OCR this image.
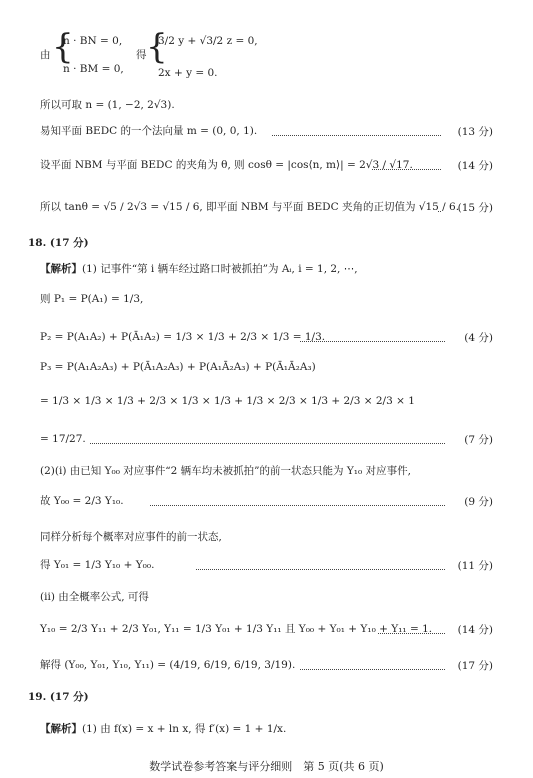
由 {
n · BN = 0,
n · BM = 0,
得 {
3/2 y + √3/2 z = 0,
2x + y = 0.
所以可取 n = (1, −2, 2√3).
易知平面 BEDC 的一个法向量 m = (0, 0, 1).	(13 分)
设平面 NBM 与平面 BEDC 的夹角为 θ, 则 cosθ = |cos⟨n, m⟩| = 2√3 / √17.	(14 分)
所以 tanθ = √5 / 2√3 = √15 / 6, 即平面 NBM 与平面 BEDC 夹角的正切值为 √15 / 6.
(15 分)
18. (17 分)
【解析】(1) 记事件“第 i 辆车经过路口时被抓拍”为 Aᵢ, i = 1, 2, ⋯,
则 P₁ = P(A₁) = 1/3,
P₂ = P(A₁A₂) + P(Ā₁A₂) = 1/3 × 1/3 + 2/3 × 1/3 = 1/3.	(4 分)
P₃ = P(A₁A₂A₃) + P(Ā₁A₂A₃) + P(A₁Ā₂A₃) + P(Ā₁Ā₂A₃)
= 1/3 × 1/3 × 1/3 + 2/3 × 1/3 × 1/3 + 1/3 × 2/3 × 1/3 + 2/3 × 2/3 × 1
= 17/27.	(7 分)
(2)(i) 由已知 Y₀₀ 对应事件“2 辆车均未被抓拍”的前一状态只能为 Y₁₀ 对应事件,
故 Y₀₀ = 2/3 Y₁₀.	(9 分)
同样分析每个概率对应事件的前一状态,
得 Y₀₁ = 1/3 Y₁₀ + Y₀₀.	(11 分)
(ii) 由全概率公式, 可得
Y₁₀ = 2/3 Y₁₁ + 2/3 Y₀₁, Y₁₁ = 1/3 Y₀₁ + 1/3 Y₁₁ 且 Y₀₀ + Y₀₁ + Y₁₀ + Y₁₁ = 1. (14 分)
解得 (Y₀₀, Y₀₁, Y₁₀, Y₁₁) = (4/19, 6/19, 6/19, 3/19).	(17 分)
19. (17 分)
【解析】(1) 由 f(x) = x + ln x, 得 f′(x) = 1 + 1/x.
数学试卷参考答案与评分细则　第 5 页(共 6 页)
